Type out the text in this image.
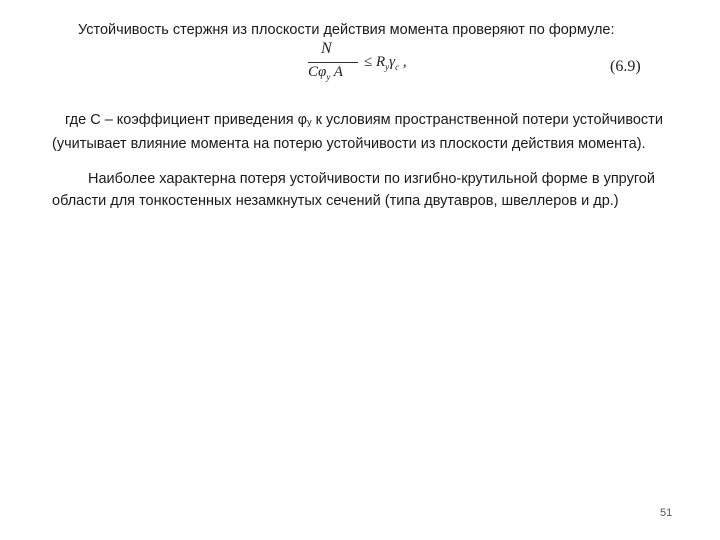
Устойчивость стержня из плоскости действия момента проверяют по формуле:

N
$C\varphi_y$ A
≤ $R_y\gamma_c$ ,	(6.9)

где С – коэффициент приведения φy к условиям пространственной потери устойчивости (учитывает влияние момента на потерю устойчивости из плоскости действия момента).

Наиболее характерна потеря устойчивости по изгибно-крутильной форме в упругой области для тонкостенных незамкнутых сечений (типа двутавров, швеллеров и др.)

51
